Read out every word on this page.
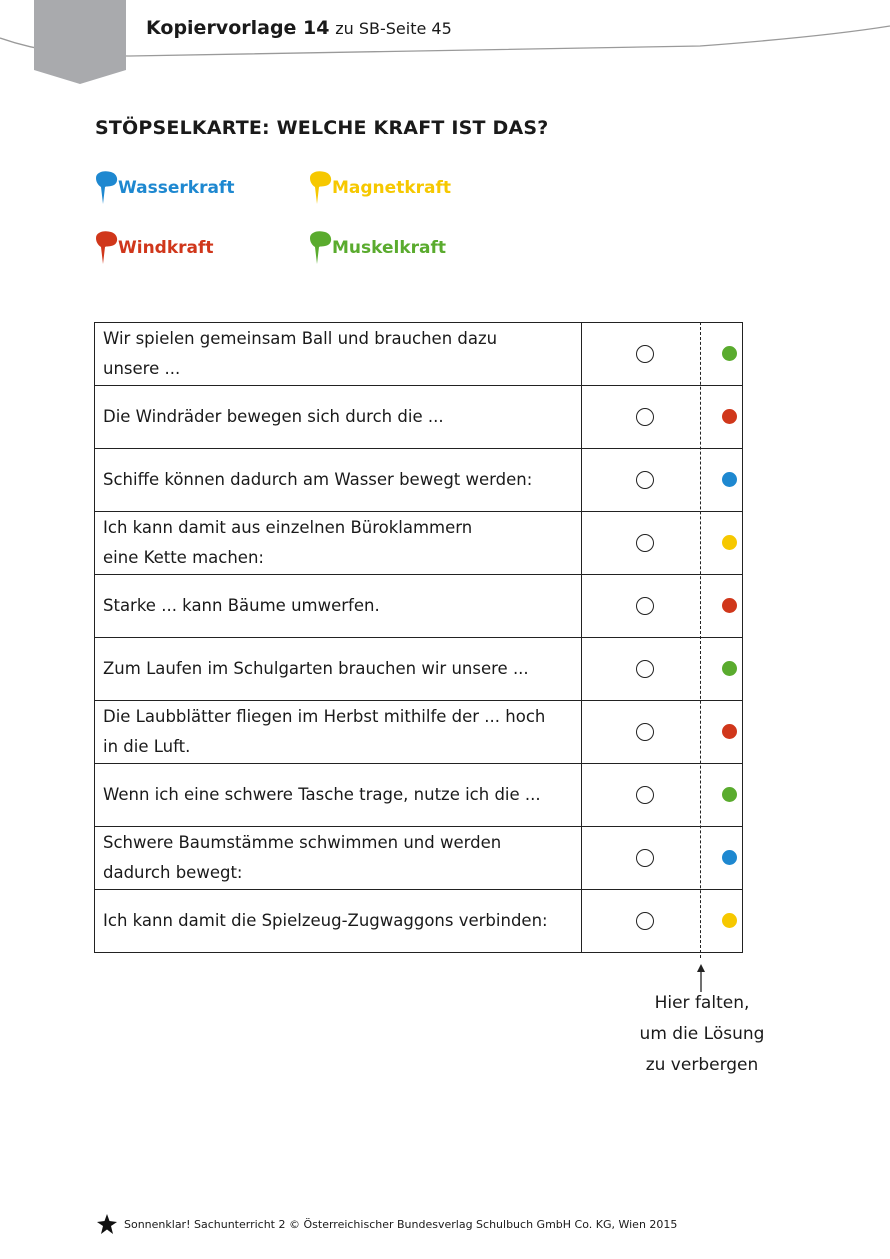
Kopiervorlage 14 zu SB-Seite 45
STÖPSELKARTE: WELCHE KRAFT IST DAS?
Wasserkraft	Magnetkraft
Windkraft	Muskelkraft
Wir spielen gemeinsam Ball und brauchen dazu
unsere ...	

Die Windräder bewegen sich durch die ...	

Schiffe können dadurch am Wasser bewegt werden:	

Ich kann damit aus einzelnen Büroklammern
eine Kette machen:	

Starke ... kann Bäume umwerfen.	

Zum Laufen im Schulgarten brauchen wir unsere ...	

Die Laubblätter fliegen im Herbst mithilfe der ... hoch
in die Luft.	

Wenn ich eine schwere Tasche trage, nutze ich die ...	

Schwere Baumstämme schwimmen und werden
dadurch bewegt:	

Ich kann damit die Spielzeug-Zugwaggons verbinden:	

Hier falten,
um die Lösung
zu verbergen
Sonnenklar! Sachunterricht 2 © Österreichischer Bundesverlag Schulbuch GmbH Co. KG, Wien 2015
